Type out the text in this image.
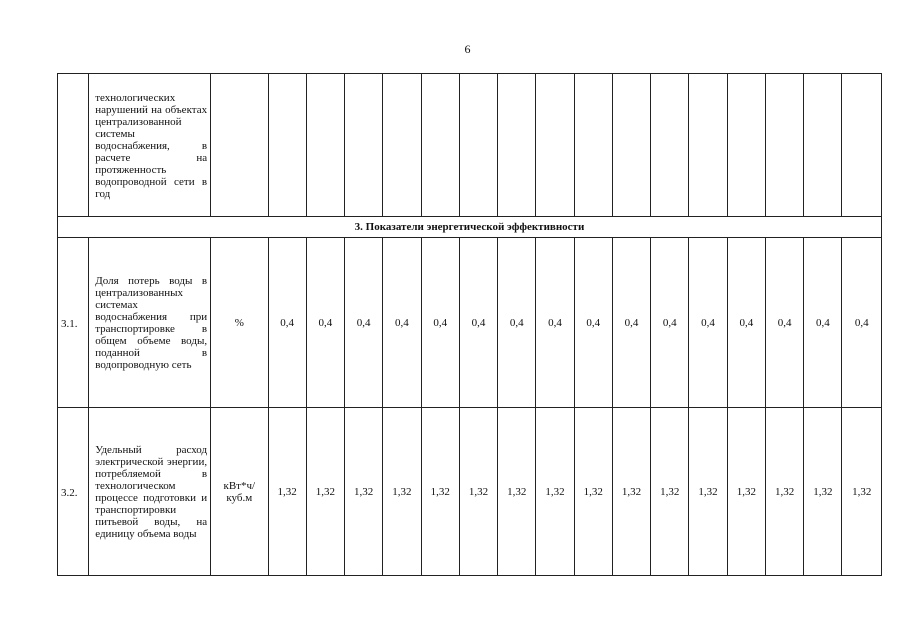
6

	технологических нарушений на объектах централизованной системы водоснабжения, в расчете на протяженность водопроводной сети в год																	

3. Показатели энергетической эффективности																		
3.1.	Доля потерь воды в централизованных системах водоснабжения при транспортировке в общем объеме воды, поданной в водопроводную сеть	%	0,4	0,4	0,4	0,4	0,4	0,4	0,4	0,4	0,4	0,4	0,4	0,4	0,4	0,4	0,4	0,4
3.2.	Удельный расход электрической энергии, потребляемой в технологическом процессе подготовки и транспортировки питьевой воды, на единицу объема воды	кВт*ч/ куб.м	1,32	1,32	1,32	1,32	1,32	1,32	1,32	1,32	1,32	1,32	1,32	1,32	1,32	1,32	1,32	1,32
